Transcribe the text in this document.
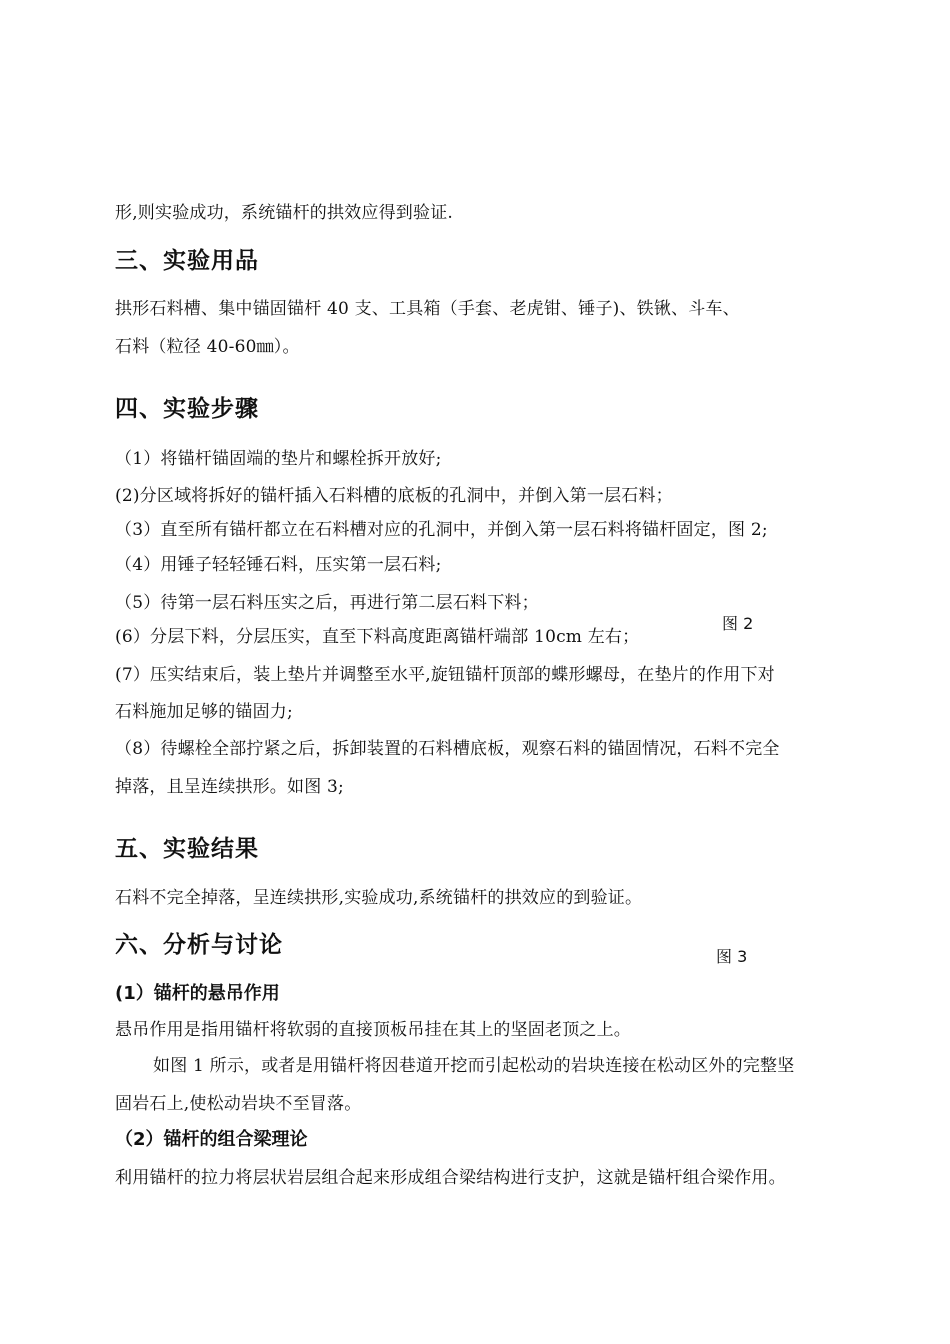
形,则实验成功，系统锚杆的拱效应得到验证.
三、实验用品
拱形石料槽、集中锚固锚杆 40 支、工具箱（手套、老虎钳、锤子)、铁锹、斗车、
石料（粒径 40-60㎜）。
四、实验步骤
（1）将锚杆锚固端的垫片和螺栓拆开放好;
(2)分区域将拆好的锚杆插入石料槽的底板的孔洞中，并倒入第一层石料；
（3）直至所有锚杆都立在石料槽对应的孔洞中，并倒入第一层石料将锚杆固定，图 2;
（4）用锤子轻轻锤石料，压实第一层石料;
（5）待第一层石料压实之后，再进行第二层石料下料；
图 2
(6）分层下料，分层压实，直至下料高度距离锚杆端部 10cm 左右；
(7）压实结束后，装上垫片并调整至水平,旋钮锚杆顶部的蝶形螺母，在垫片的作用下对
石料施加足够的锚固力;
（8）待螺栓全部拧紧之后，拆卸装置的石料槽底板，观察石料的锚固情况，石料不完全
掉落，且呈连续拱形。如图 3;
五、实验结果
石料不完全掉落，呈连续拱形,实验成功,系统锚杆的拱效应的到验证。
六、分析与讨论	图 3
(1）锚杆的悬吊作用
悬吊作用是指用锚杆将软弱的直接顶板吊挂在其上的坚固老顶之上。
如图 1 所示，或者是用锚杆将因巷道开挖而引起松动的岩块连接在松动区外的完整坚
固岩石上,使松动岩块不至冒落。
（2）锚杆的组合梁理论
利用锚杆的拉力将层状岩层组合起来形成组合梁结构进行支护，这就是锚杆组合梁作用。
